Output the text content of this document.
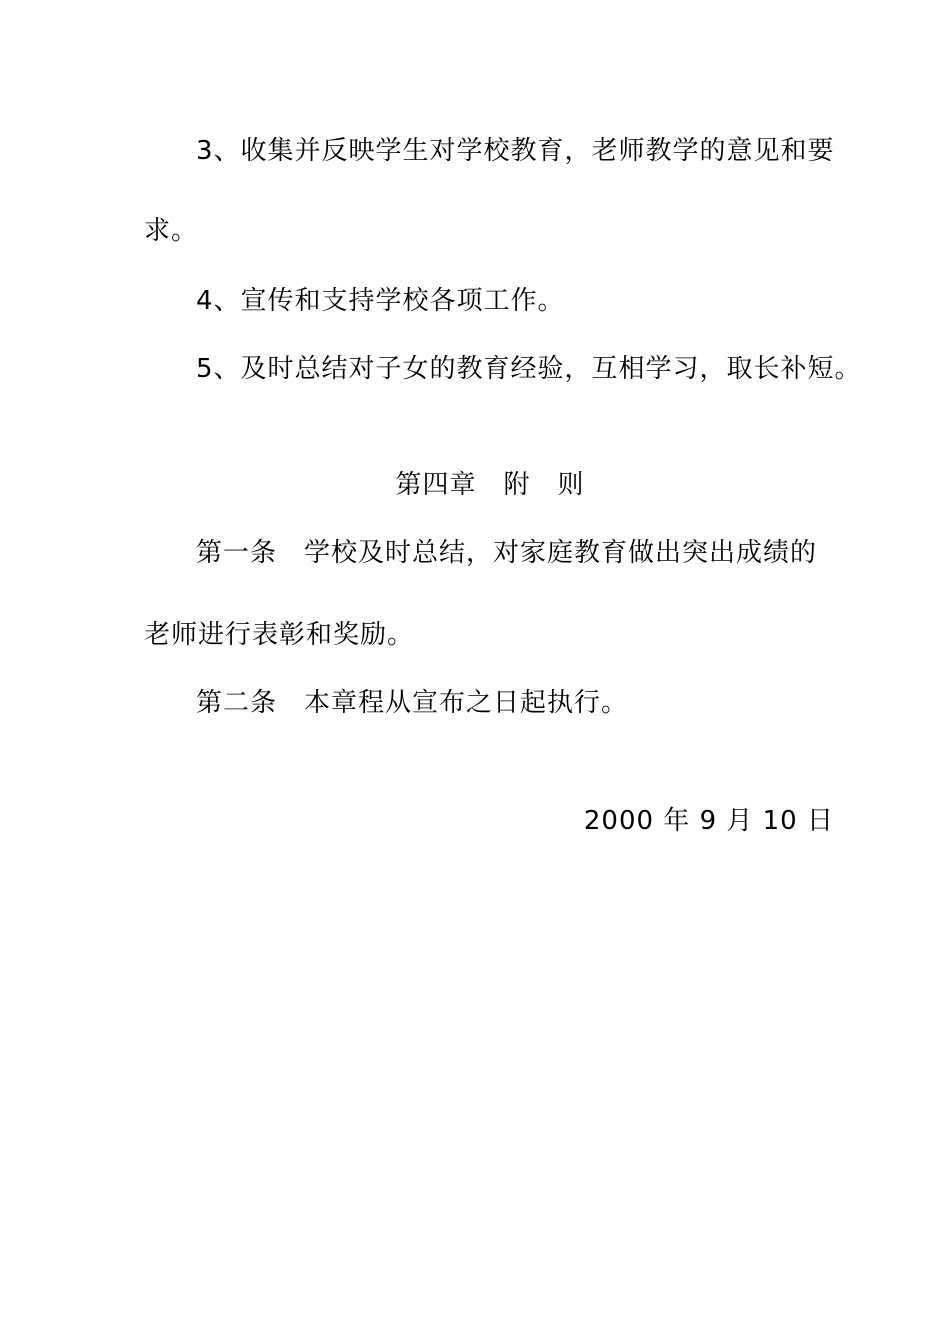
3、收集并反映学生对学校教育，老师教学的意见和要
求。
4、宣传和支持学校各项工作。
5、及时总结对子女的教育经验，互相学习，取长补短。
第四章　附　则
第一条　学校及时总结，对家庭教育做出突出成绩的
老师进行表彰和奖励。
第二条　本章程从宣布之日起执行。
2000 年 9 月 10 日
